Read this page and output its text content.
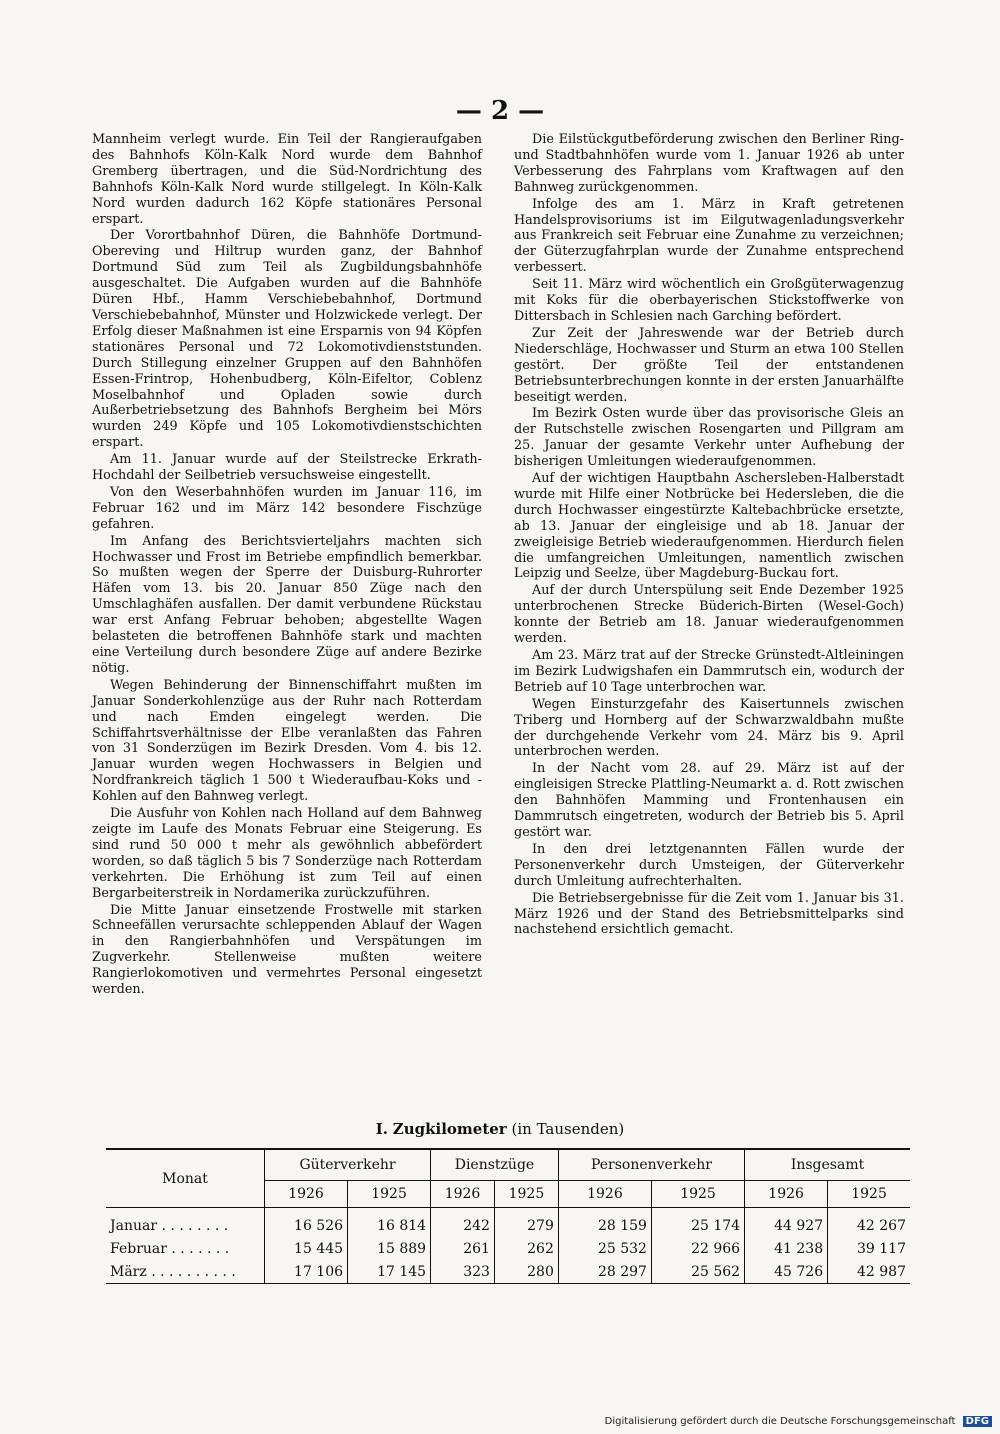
— 2 —

Mannheim verlegt wurde. Ein Teil der Rangieraufgaben des Bahnhofs Köln-Kalk Nord wurde dem Bahnhof Gremberg übertragen, und die Süd-Nordrichtung des Bahnhofs Köln-Kalk Nord wurde stillgelegt. In Köln-Kalk Nord wurden dadurch 162 Köpfe stationäres Personal erspart.

Der Vorortbahnhof Düren, die Bahnhöfe Dortmund-Obereving und Hiltrup wurden ganz, der Bahnhof Dortmund Süd zum Teil als Zugbildungsbahnhöfe ausgeschaltet. Die Aufgaben wurden auf die Bahnhöfe Düren Hbf., Hamm Verschiebebahnhof, Dortmund Verschiebebahnhof, Münster und Holzwickede verlegt. Der Erfolg dieser Maßnahmen ist eine Ersparnis von 94 Köpfen stationäres Personal und 72 Lokomotivdienststunden. Durch Stillegung einzelner Gruppen auf den Bahnhöfen Essen-Frintrop, Hohenbudberg, Köln-Eifeltor, Coblenz Moselbahnhof und Opladen sowie durch Außerbetriebsetzung des Bahnhofs Bergheim bei Mörs wurden 249 Köpfe und 105 Lokomotivdienstschichten erspart.

Am 11. Januar wurde auf der Steilstrecke Erkrath-Hochdahl der Seilbetrieb versuchsweise eingestellt.

Von den Weserbahnhöfen wurden im Januar 116, im Februar 162 und im März 142 besondere Fischzüge gefahren.

Im Anfang des Berichtsvierteljahrs machten sich Hochwasser und Frost im Betriebe empfindlich bemerkbar. So mußten wegen der Sperre der Duisburg-Ruhrorter Häfen vom 13. bis 20. Januar 850 Züge nach den Umschlaghäfen ausfallen. Der damit verbundene Rückstau war erst Anfang Februar behoben; abgestellte Wagen belasteten die betroffenen Bahnhöfe stark und machten eine Verteilung durch besondere Züge auf andere Bezirke nötig.

Wegen Behinderung der Binnenschiffahrt mußten im Januar Sonderkohlenzüge aus der Ruhr nach Rotterdam und nach Emden eingelegt werden. Die Schiffahrtsverhältnisse der Elbe veranlaßten das Fahren von 31 Sonderzügen im Bezirk Dresden. Vom 4. bis 12. Januar wurden wegen Hochwassers in Belgien und Nordfrankreich täglich 1 500 t Wiederaufbau-Koks und -Kohlen auf den Bahnweg verlegt.

Die Ausfuhr von Kohlen nach Holland auf dem Bahnweg zeigte im Laufe des Monats Februar eine Steigerung. Es sind rund 50 000 t mehr als gewöhnlich abbefördert worden, so daß täglich 5 bis 7 Sonderzüge nach Rotterdam verkehrten. Die Erhöhung ist zum Teil auf einen Bergarbeiterstreik in Nordamerika zurückzuführen.

Die Mitte Januar einsetzende Frostwelle mit starken Schneefällen verursachte schleppenden Ablauf der Wagen in den Rangierbahnhöfen und Verspätungen im Zugverkehr. Stellenweise mußten weitere Rangierlokomotiven und vermehrtes Personal eingesetzt werden.

Die Eilstückgutbeförderung zwischen den Berliner Ring- und Stadtbahnhöfen wurde vom 1. Januar 1926 ab unter Verbesserung des Fahrplans vom Kraftwagen auf den Bahnweg zurückgenommen.

Infolge des am 1. März in Kraft getretenen Handelsprovisoriums ist im Eilgutwagenladungsverkehr aus Frankreich seit Februar eine Zunahme zu verzeichnen; der Güterzugfahrplan wurde der Zunahme entsprechend verbessert.

Seit 11. März wird wöchentlich ein Großgüterwagenzug mit Koks für die oberbayerischen Stickstoffwerke von Dittersbach in Schlesien nach Garching befördert.

Zur Zeit der Jahreswende war der Betrieb durch Niederschläge, Hochwasser und Sturm an etwa 100 Stellen gestört. Der größte Teil der entstandenen Betriebsunterbrechungen konnte in der ersten Januarhälfte beseitigt werden.

Im Bezirk Osten wurde über das provisorische Gleis an der Rutschstelle zwischen Rosengarten und Pillgram am 25. Januar der gesamte Verkehr unter Aufhebung der bisherigen Umleitungen wiederaufgenommen.

Auf der wichtigen Hauptbahn Aschersleben-Halberstadt wurde mit Hilfe einer Notbrücke bei Hedersleben, die die durch Hochwasser eingestürzte Kaltebachbrücke ersetzte, ab 13. Januar der eingleisige und ab 18. Januar der zweigleisige Betrieb wiederaufgenommen. Hierdurch fielen die umfangreichen Umleitungen, namentlich zwischen Leipzig und Seelze, über Magdeburg-Buckau fort.

Auf der durch Unterspülung seit Ende Dezember 1925 unterbrochenen Strecke Büderich-Birten (Wesel-Goch) konnte der Betrieb am 18. Januar wiederaufgenommen werden.

Am 23. März trat auf der Strecke Grünstedt-Altleiningen im Bezirk Ludwigshafen ein Dammrutsch ein, wodurch der Betrieb auf 10 Tage unterbrochen war.

Wegen Einsturzgefahr des Kaisertunnels zwischen Triberg und Hornberg auf der Schwarzwaldbahn mußte der durchgehende Verkehr vom 24. März bis 9. April unterbrochen werden.

In der Nacht vom 28. auf 29. März ist auf der eingleisigen Strecke Plattling-Neumarkt a. d. Rott zwischen den Bahnhöfen Mamming und Frontenhausen ein Dammrutsch eingetreten, wodurch der Betrieb bis 5. April gestört war.

In den drei letztgenannten Fällen wurde der Personenverkehr durch Umsteigen, der Güterverkehr durch Umleitung aufrechterhalten.

Die Betriebsergebnisse für die Zeit vom 1. Januar bis 31. März 1926 und der Stand des Betriebsmittelparks sind nachstehend ersichtlich gemacht.

I. Zugkilometer (in Tausenden)
Monat	Güterverkehr		Dienstzüge		Personenverkehr		Insgesamt	
	1926	1925	1926	1925	1926	1925	1926	1925
Januar . . . . . . . .	16 526	16 814	242	279	28 159	25 174	44 927	42 267
Februar . . . . . . .	15 445	15 889	261	262	25 532	22 966	41 238	39 117
März . . . . . . . . . .	17 106	17 145	323	280	28 297	25 562	45 726	42 987
Digitalisierung gefördert durch die Deutsche Forschungsgemeinschaft DFG
